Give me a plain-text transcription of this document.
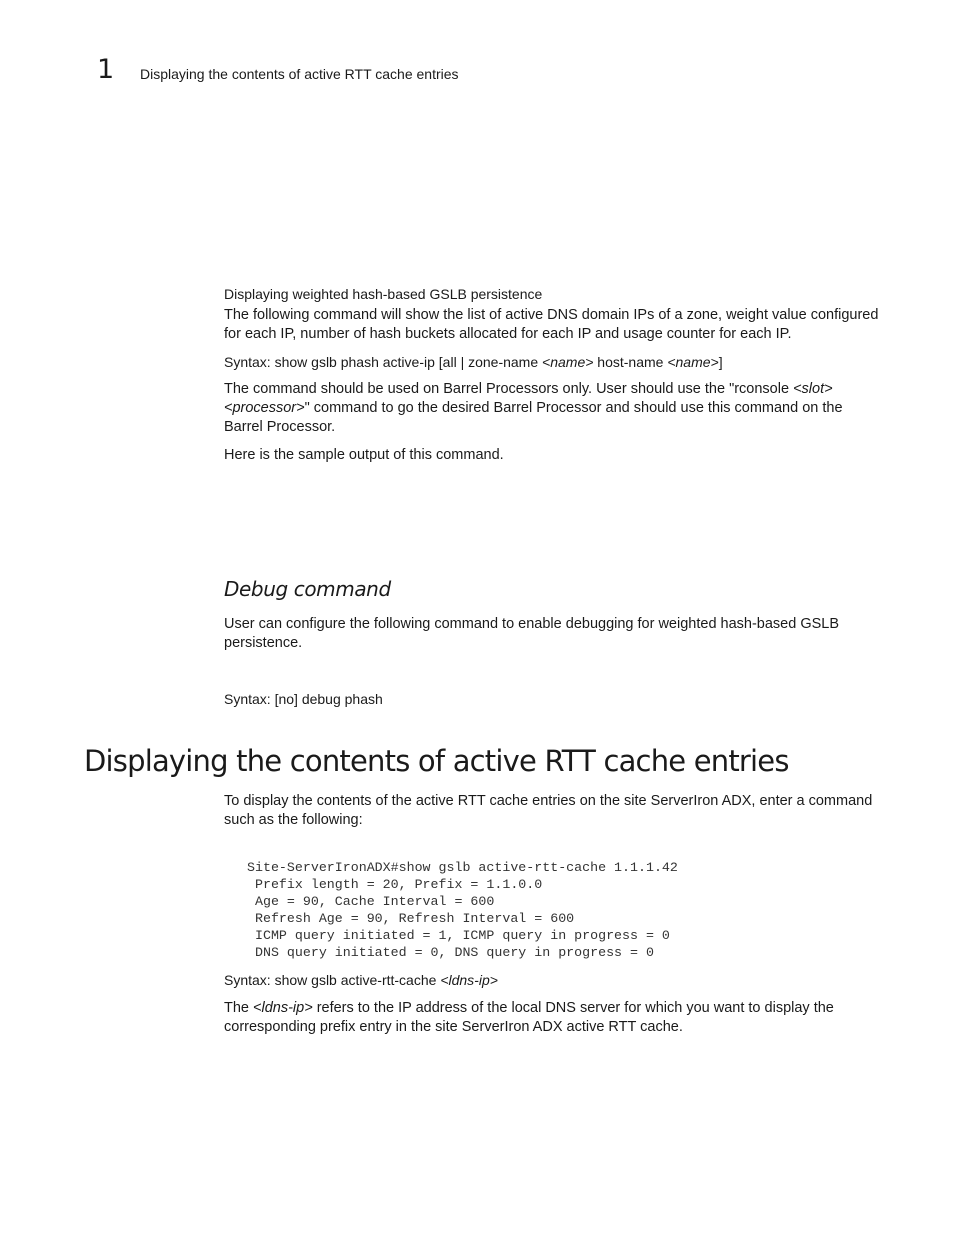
1 Displaying the contents of active RTT cache entries
Displaying weighted hash-based GSLB persistence

The following command will show the list of active DNS domain IPs of a zone, weight value configured for each IP, number of hash buckets allocated for each IP and usage counter for each IP.

Syntax: show gslb phash active-ip [all | zone-name <name> host-name <name>]

The command should be used on Barrel Processors only. User should use the "rconsole <slot> <processor>" command to go the desired Barrel Processor and should use this command on the Barrel Processor.

Here is the sample output of this command.
Debug command

User can configure the following command to enable debugging for weighted hash-based GSLB persistence.

Syntax: [no] debug phash
Displaying the contents of active RTT cache entries

To display the contents of the active RTT cache entries on the site ServerIron ADX, enter a command such as the following:

Site-ServerIronADX#show gslb active-rtt-cache 1.1.1.42
Prefix length = 20, Prefix = 1.1.0.0
Age = 90, Cache Interval = 600
Refresh Age = 90, Refresh Interval = 600
ICMP query initiated = 1, ICMP query in progress = 0
DNS query initiated = 0, DNS query in progress = 0
Syntax: show gslb active-rtt-cache <ldns-ip>

The <ldns-ip> refers to the IP address of the local DNS server for which you want to display the corresponding prefix entry in the site ServerIron ADX active RTT cache.
